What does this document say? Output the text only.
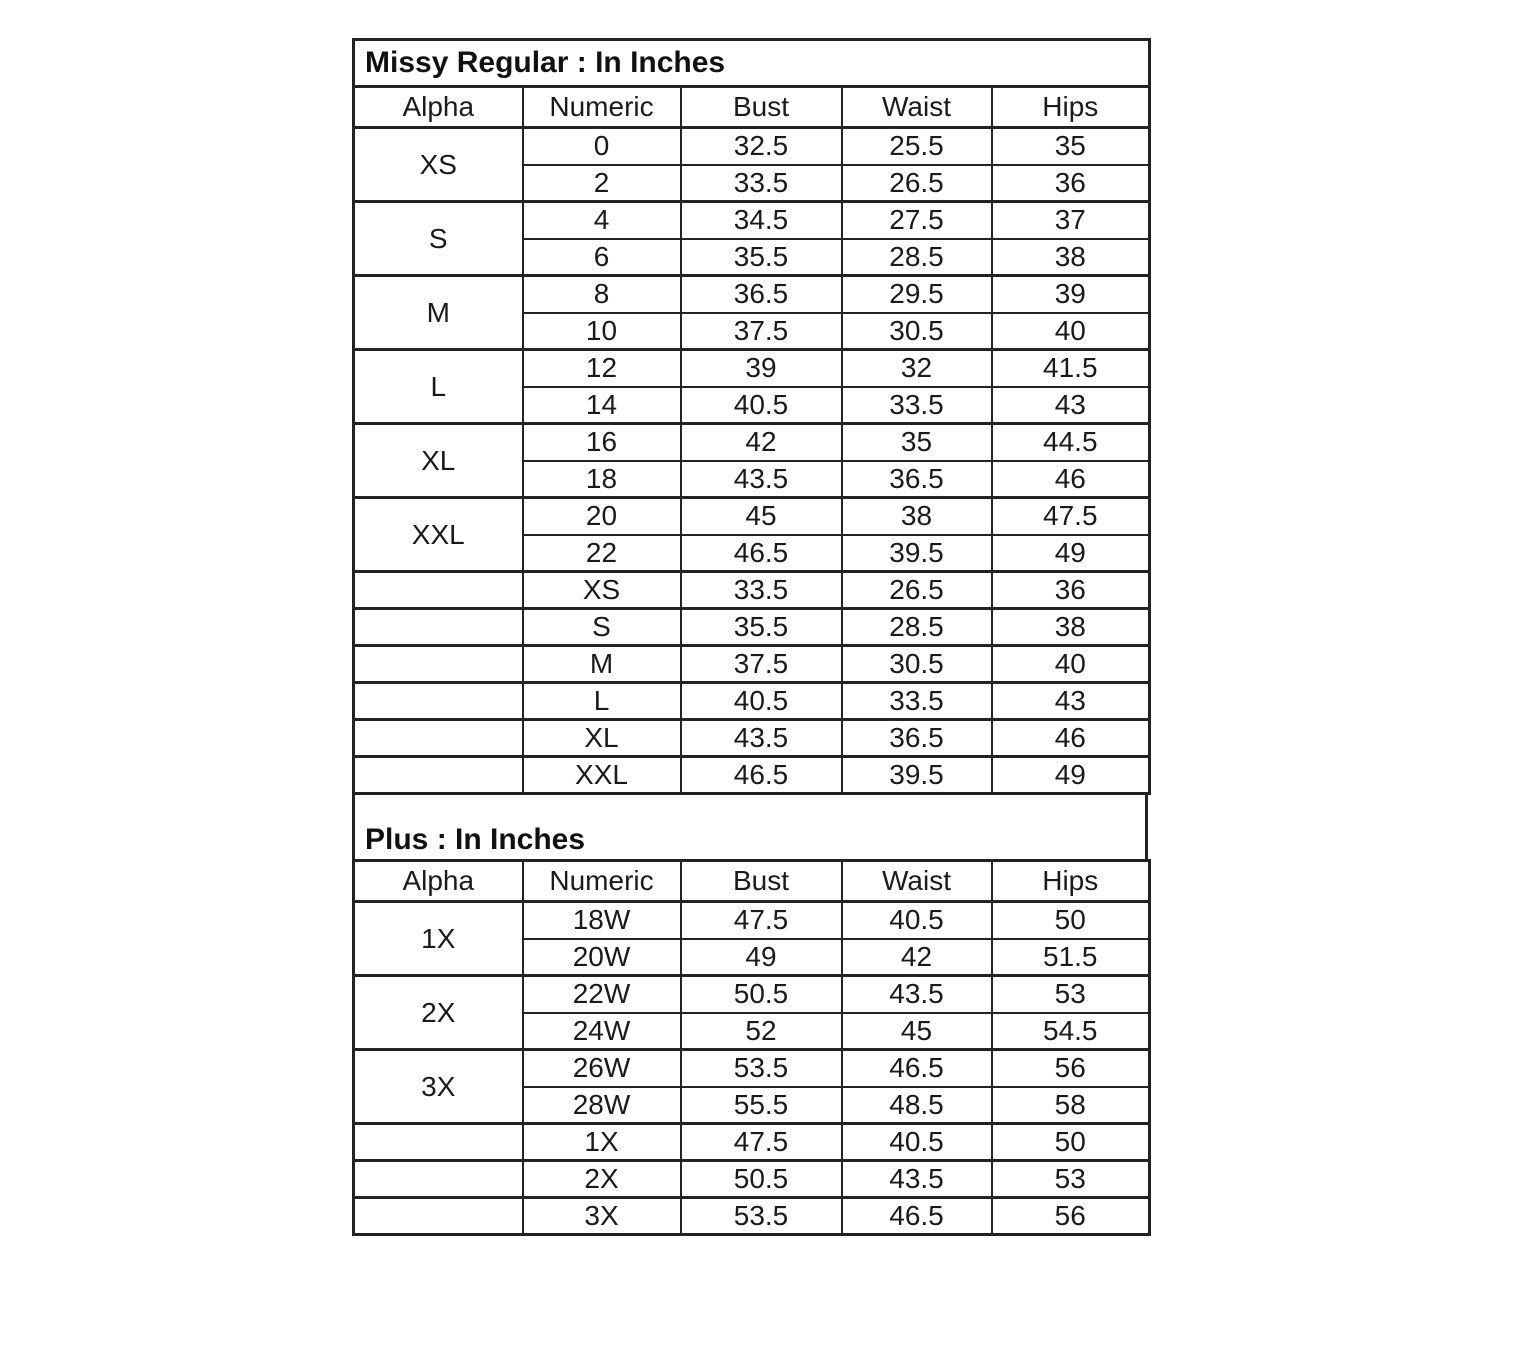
Missy Regular : In Inches				
Alpha	Numeric	Bust	Waist	Hips
XS	0	32.5	25.5	35
	2	33.5	26.5	36
S	4	34.5	27.5	37
	6	35.5	28.5	38
M	8	36.5	29.5	39
	10	37.5	30.5	40
L	12	39	32	41.5
	14	40.5	33.5	43
XL	16	42	35	44.5
	18	43.5	36.5	46
XXL	20	45	38	47.5
	22	46.5	39.5	49
	XS	33.5	26.5	36
	S	35.5	28.5	38
	M	37.5	30.5	40
	L	40.5	33.5	43
	XL	43.5	36.5	46
	XXL	46.5	39.5	49
Plus : In Inches
Alpha	Numeric	Bust	Waist	Hips
1X	18W	47.5	40.5	50
	20W	49	42	51.5
2X	22W	50.5	43.5	53
	24W	52	45	54.5
3X	26W	53.5	46.5	56
	28W	55.5	48.5	58
	1X	47.5	40.5	50
	2X	50.5	43.5	53
	3X	53.5	46.5	56
